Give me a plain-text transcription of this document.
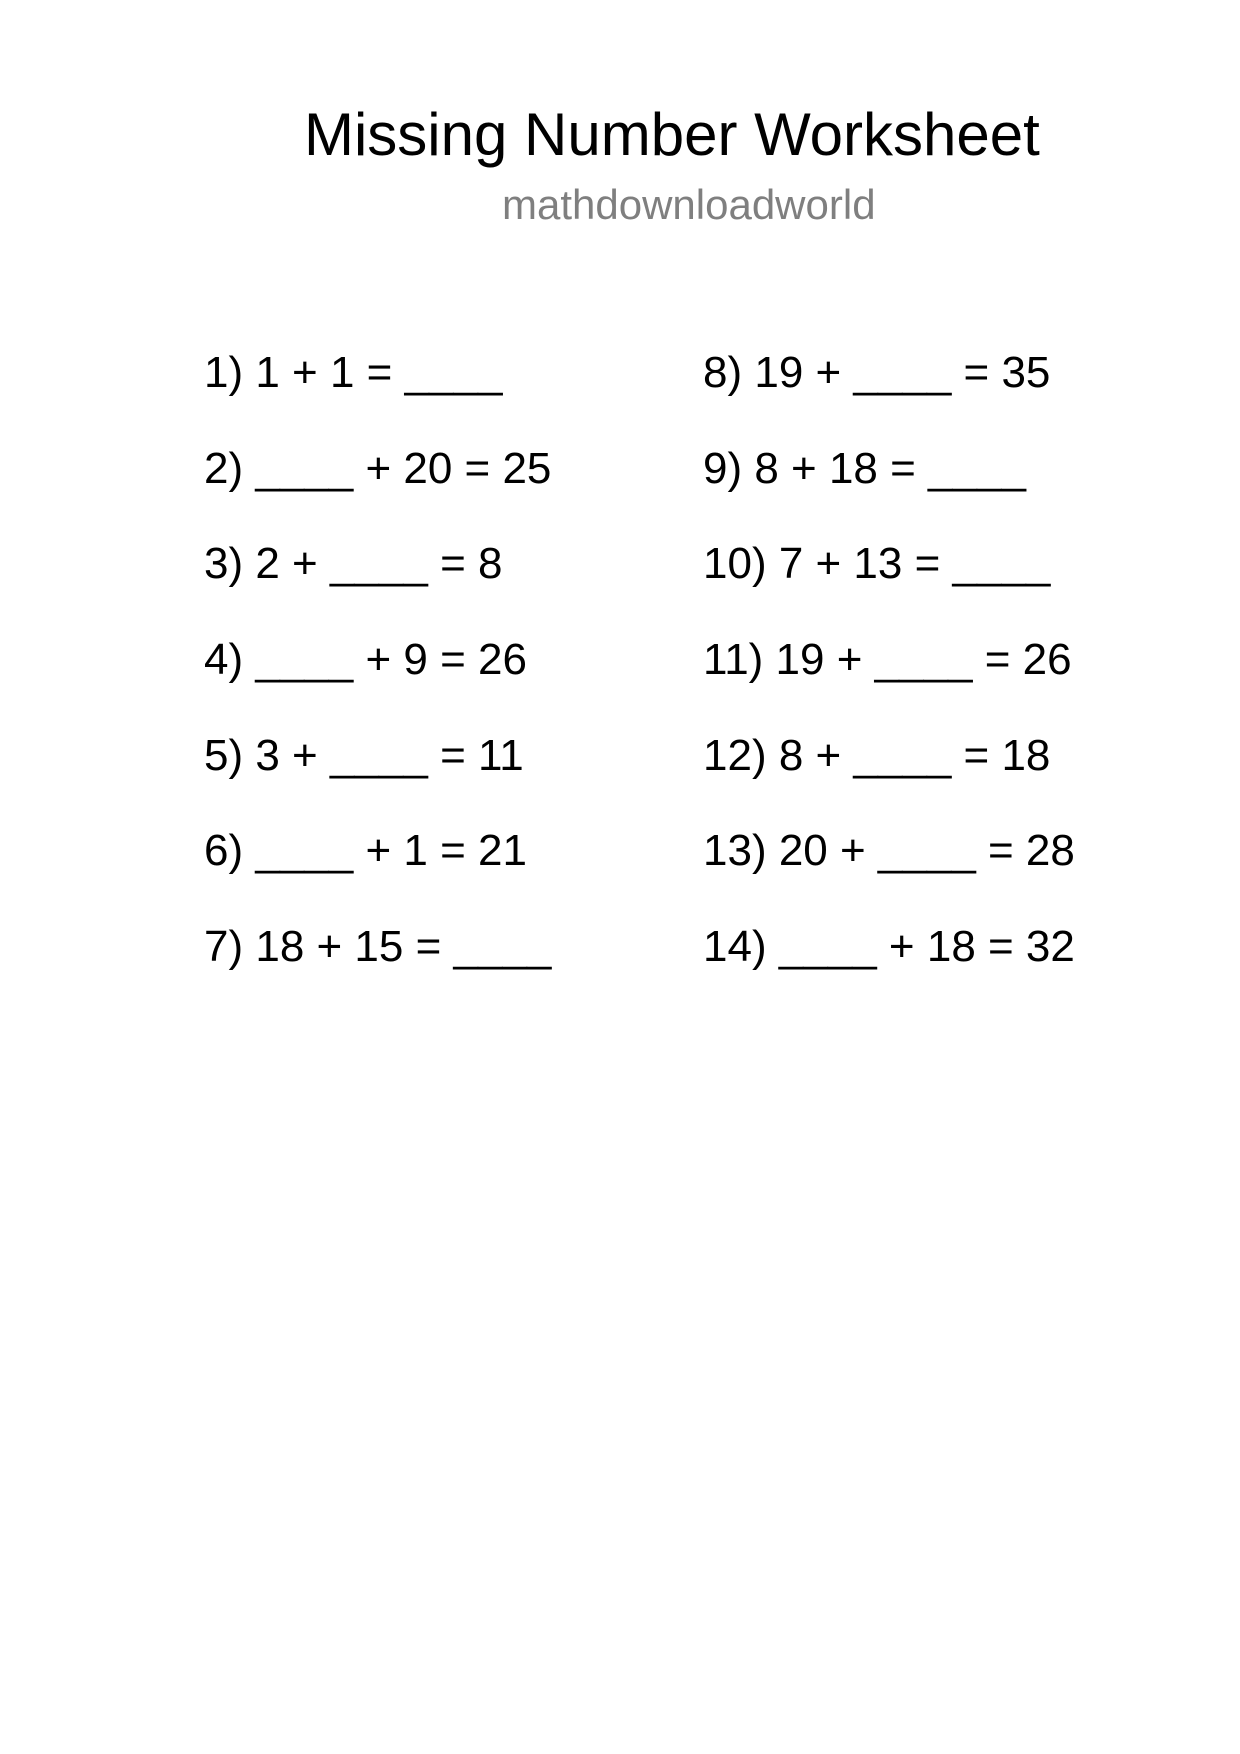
Missing Number Worksheet
mathdownloadworld
1) 1 + 1 = ____
2) ____ + 20 = 25
3) 2 + ____ = 8
4) ____ + 9 = 26
5) 3 + ____ = 11
6) ____ + 1 = 21
7) 18 + 15 = ____
8) 19 + ____ = 35
9) 8 + 18 = ____
10) 7 + 13 = ____
11) 19 + ____ = 26
12) 8 + ____ = 18
13) 20 + ____ = 28
14) ____ + 18 = 32
